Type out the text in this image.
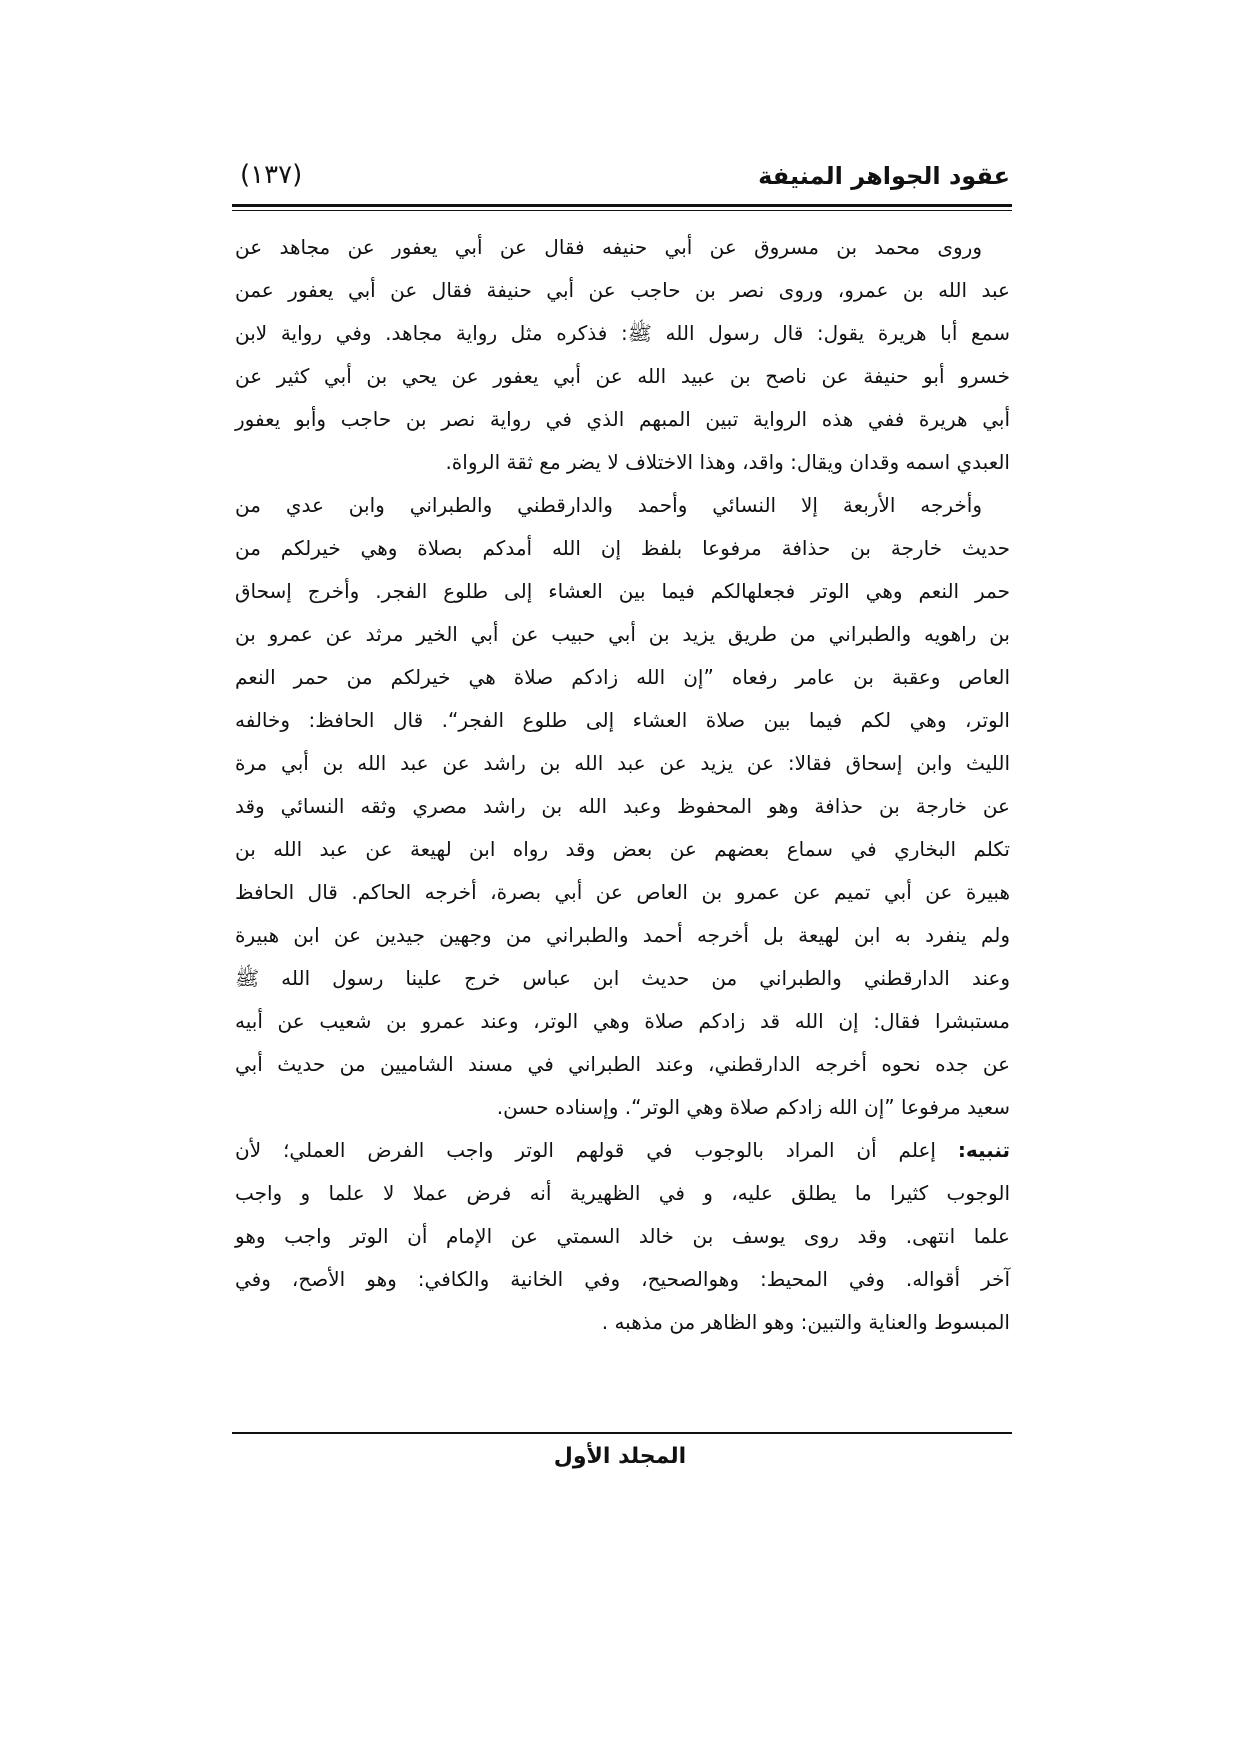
عقود الجواهر المنيفة
(١٣٧)
وروى محمد بن مسروق عن أبي حنيفه فقال عن أبي يعفور عن مجاهد عن
عبد الله بن عمرو، وروى نصر بن حاجب عن أبي حنيفة فقال عن أبي يعفور عمن
سمع أبا هريرة يقول: قال رسول الله ﷺ: فذكره مثل رواية مجاهد. وفي رواية لابن
خسرو أبو حنيفة عن ناصح بن عبيد الله عن أبي يعفور عن يحي بن أبي كثير عن
أبي هريرة ففي هذه الرواية تبين المبهم الذي في رواية نصر بن حاجب وأبو يعفور
العبدي اسمه وقدان ويقال: واقد، وهذا الاختلاف لا يضر مع ثقة الرواة.
وأخرجه الأربعة إلا النسائي وأحمد والدارقطني والطبراني وابن عدي من
حديث خارجة بن حذافة مرفوعا بلفظ إن الله أمدكم بصلاة وهي خيرلكم من
حمر النعم وهي الوتر فجعلهالكم فيما بين العشاء إلى طلوع الفجر. وأخرج إسحاق
بن راهويه والطبراني من طريق يزيد بن أبي حبيب عن أبي الخير مرثد عن عمرو بن
العاص وعقبة بن عامر رفعاه ”إن الله زادكم صلاة هي خيرلكم من حمر النعم
الوتر، وهي لكم فيما بين صلاة العشاء إلى طلوع الفجر“. قال الحافظ: وخالفه
الليث وابن إسحاق فقالا: عن يزيد عن عبد الله بن راشد عن عبد الله بن أبي مرة
عن خارجة بن حذافة وهو المحفوظ وعبد الله بن راشد مصري وثقه النسائي وقد
تكلم البخاري في سماع بعضهم عن بعض وقد رواه ابن لهيعة عن عبد الله بن
هبيرة عن أبي تميم عن عمرو بن العاص عن أبي بصرة، أخرجه الحاكم. قال الحافظ
ولم ينفرد به ابن لهيعة بل أخرجه أحمد والطبراني من وجهين جيدين عن ابن هبيرة
وعند الدارقطني والطبراني من حديث ابن عباس خرج علينا رسول الله ﷺ
مستبشرا فقال: إن الله قد زادكم صلاة وهي الوتر، وعند عمرو بن شعيب عن أبيه
عن جده نحوه أخرجه الدارقطني، وعند الطبراني في مسند الشاميين من حديث أبي
سعيد مرفوعا ”إن الله زادكم صلاة وهي الوتر“. وإسناده حسن.
تنبيه: إعلم أن المراد بالوجوب في قولهم الوتر واجب الفرض العملي؛ لأن
الوجوب كثيرا ما يطلق عليه، و في الظهيرية أنه فرض عملا لا علما و واجب
علما انتهى. وقد روى يوسف بن خالد السمتي عن الإمام أن الوتر واجب وهو
آخر أقواله. وفي المحيط: وهوالصحيح، وفي الخانية والكافي: وهو الأصح، وفي
المبسوط والعناية والتبين: وهو الظاهر من مذهبه .
المجلد الأول
